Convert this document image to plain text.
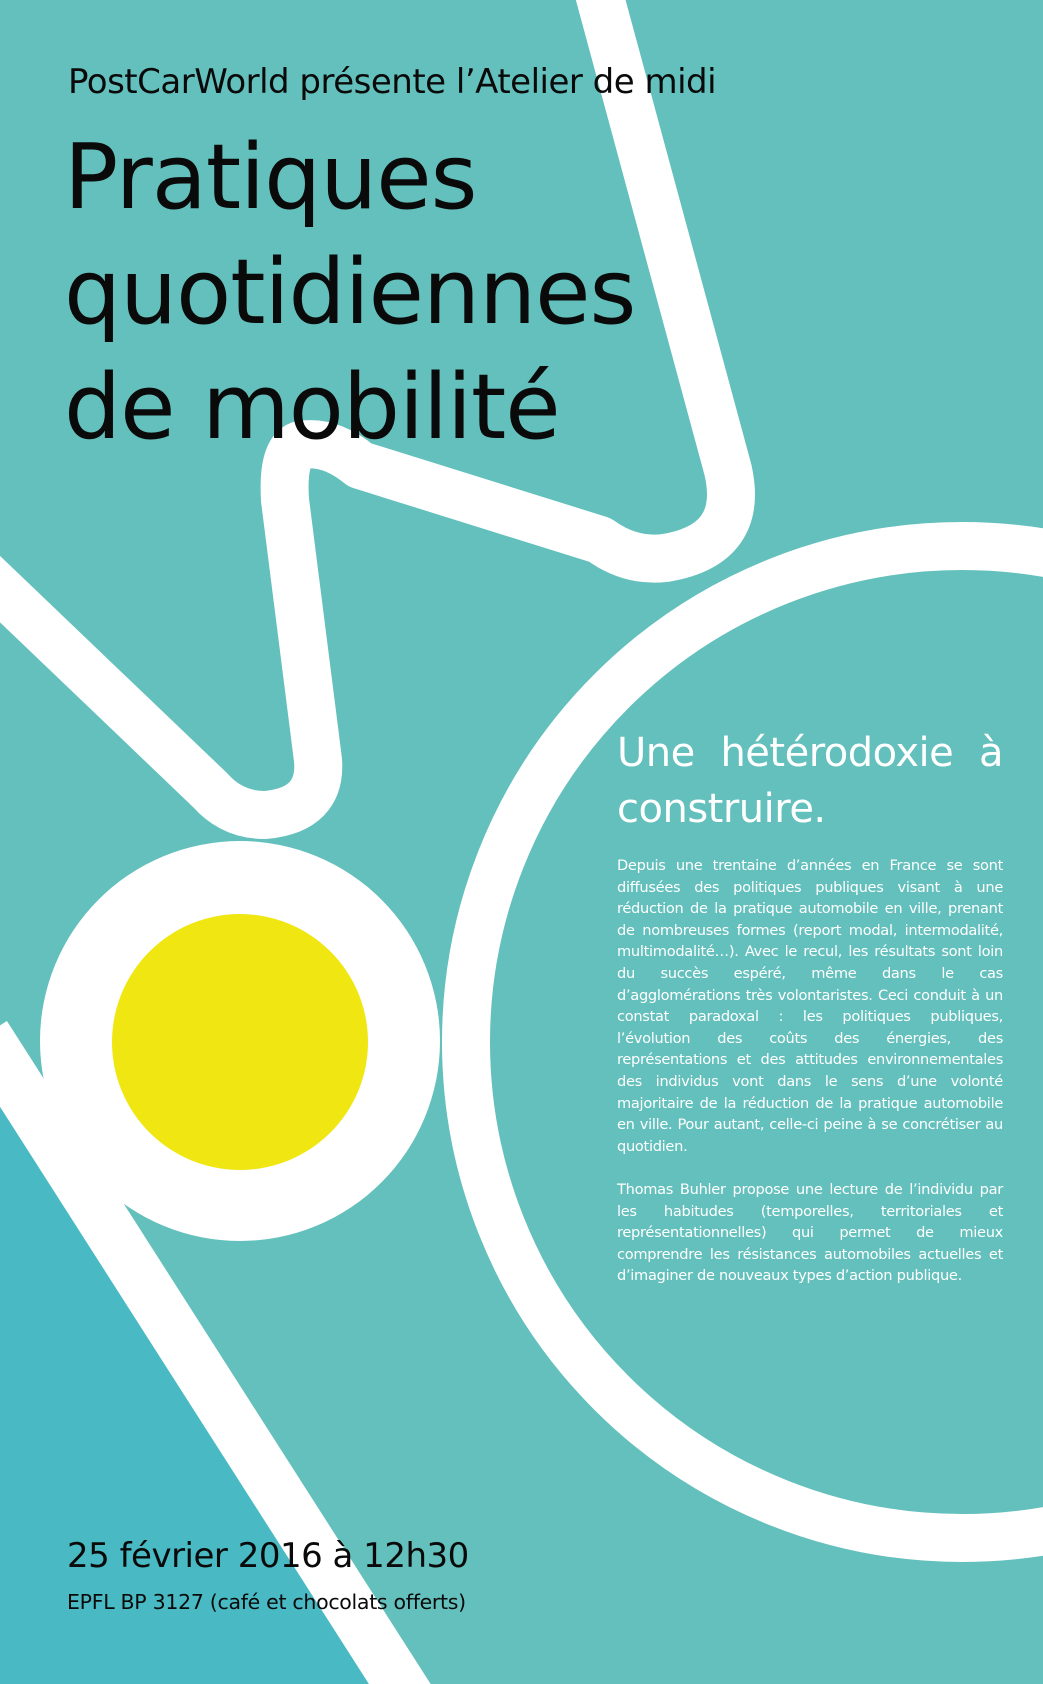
PostCarWorld présente l’Atelier de midi
Pratiques
quotidiennes
de mobilité
Une hétérodoxie à
construire.

Depuis une trentaine d’années en France se sont diffusées des politiques publiques visant à une réduction de la pratique automobile en ville, prenant de nombreuses formes (report modal, intermodalité, multimodalité…). Avec le recul, les résultats sont loin du succès espéré, même dans le cas d’agglomérations très volontaristes. Ceci conduit à un constat paradoxal : les politiques publiques, l’évolution des coûts des énergies, des représentations et des attitudes environnementales des individus vont dans le sens d’une volonté majoritaire de la réduction de la pratique automobile en ville. Pour autant, celle-ci peine à se concrétiser au quotidien.

Thomas Buhler propose une lecture de l’individu par les habitudes (temporelles, territoriales et représentationnelles) qui permet de mieux comprendre les résistances automobiles actuelles et d’imaginer de nouveaux types d’action publique.

25 février 2016 à 12h30
EPFL BP 3127 (café et chocolats offerts)
